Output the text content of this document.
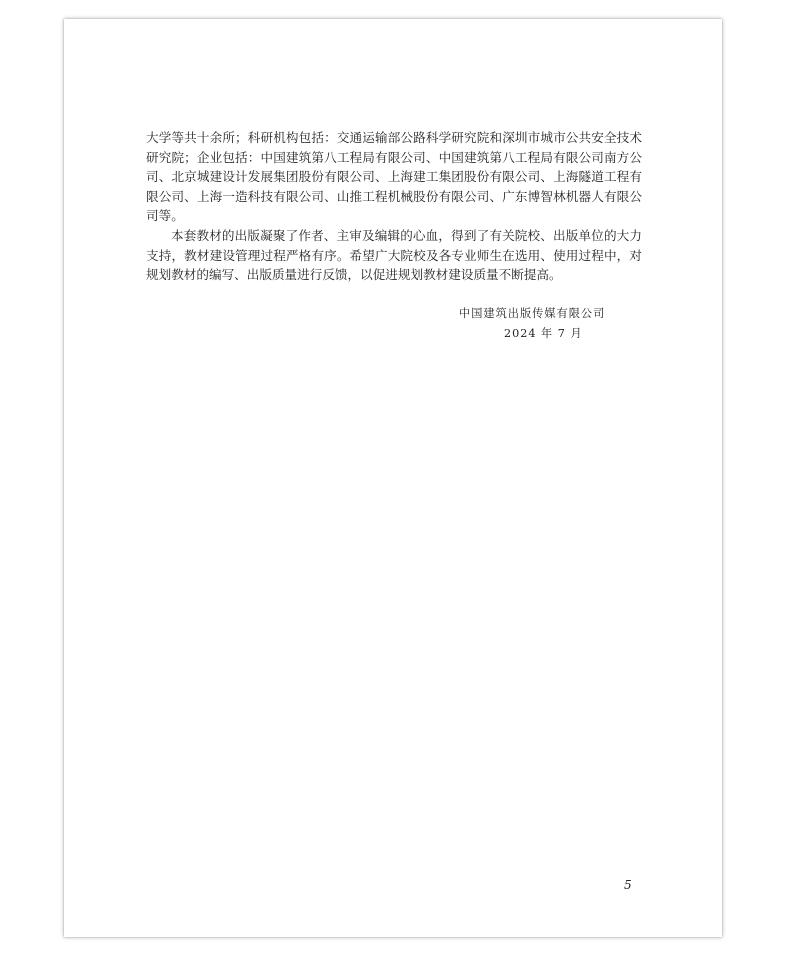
大学等共十余所；科研机构包括：交通运输部公路科学研究院和深圳市城市公共安全技术
研究院；企业包括：中国建筑第八工程局有限公司、中国建筑第八工程局有限公司南方公
司、北京城建设计发展集团股份有限公司、上海建工集团股份有限公司、上海隧道工程有
限公司、上海一造科技有限公司、山推工程机械股份有限公司、广东博智林机器人有限公
司等。
本套教材的出版凝聚了作者、主审及编辑的心血，得到了有关院校、出版单位的大力
支持，教材建设管理过程严格有序。希望广大院校及各专业师生在选用、使用过程中，对
规划教材的编写、出版质量进行反馈，以促进规划教材建设质量不断提高。
中国建筑出版传媒有限公司
2024 年 7 月
5
